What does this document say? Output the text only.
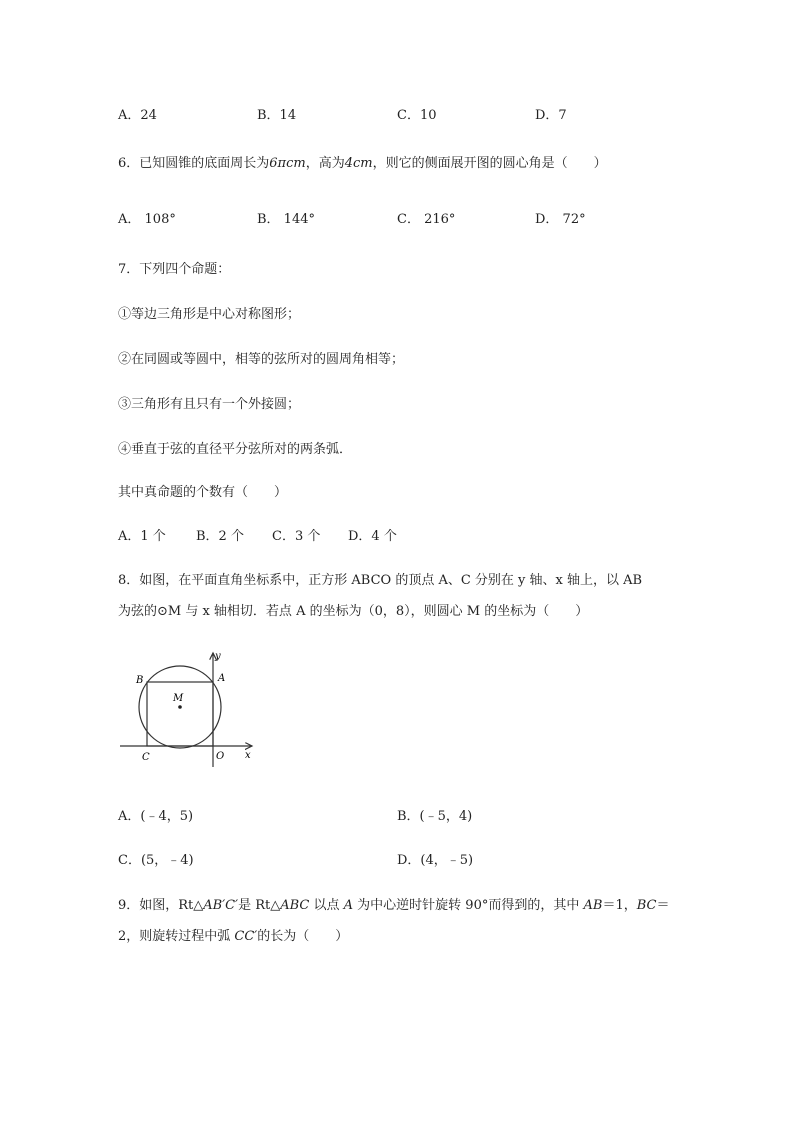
A．24	B．14	C．10	D．7
6．已知圆锥的底面周长为6πcm，高为4cm，则它的侧面展开图的圆心角是（　　）
A． 108°	B． 144°	C． 216°	D． 72°
7．下列四个命题：
①等边三角形是中心对称图形；
②在同圆或等圆中，相等的弦所对的圆周角相等；
③三角形有且只有一个外接圆；
④垂直于弦的直径平分弦所对的两条弧．
其中真命题的个数有（　　）
A．1 个 B．2 个 C．3 个 D．4 个
8．如图，在平面直角坐标系中，正方形 ABCO 的顶点 A、C 分别在 y 轴、x 轴上，以 AB
为弦的⊙M 与 x 轴相切．若点 A 的坐标为（0，8），则圆心 M 的坐标为（　　）
y
x
B	A
M
C	O
A．(﹣4，5)	B．(﹣5，4)
C．(5，﹣4)	D．(4，﹣5)
9．如图，Rt△AB′C′是 Rt△ABC 以点 A 为中心逆时针旋转 90°而得到的，其中 AB＝1，BC＝
2，则旋转过程中弧 CC′的长为（　　）
